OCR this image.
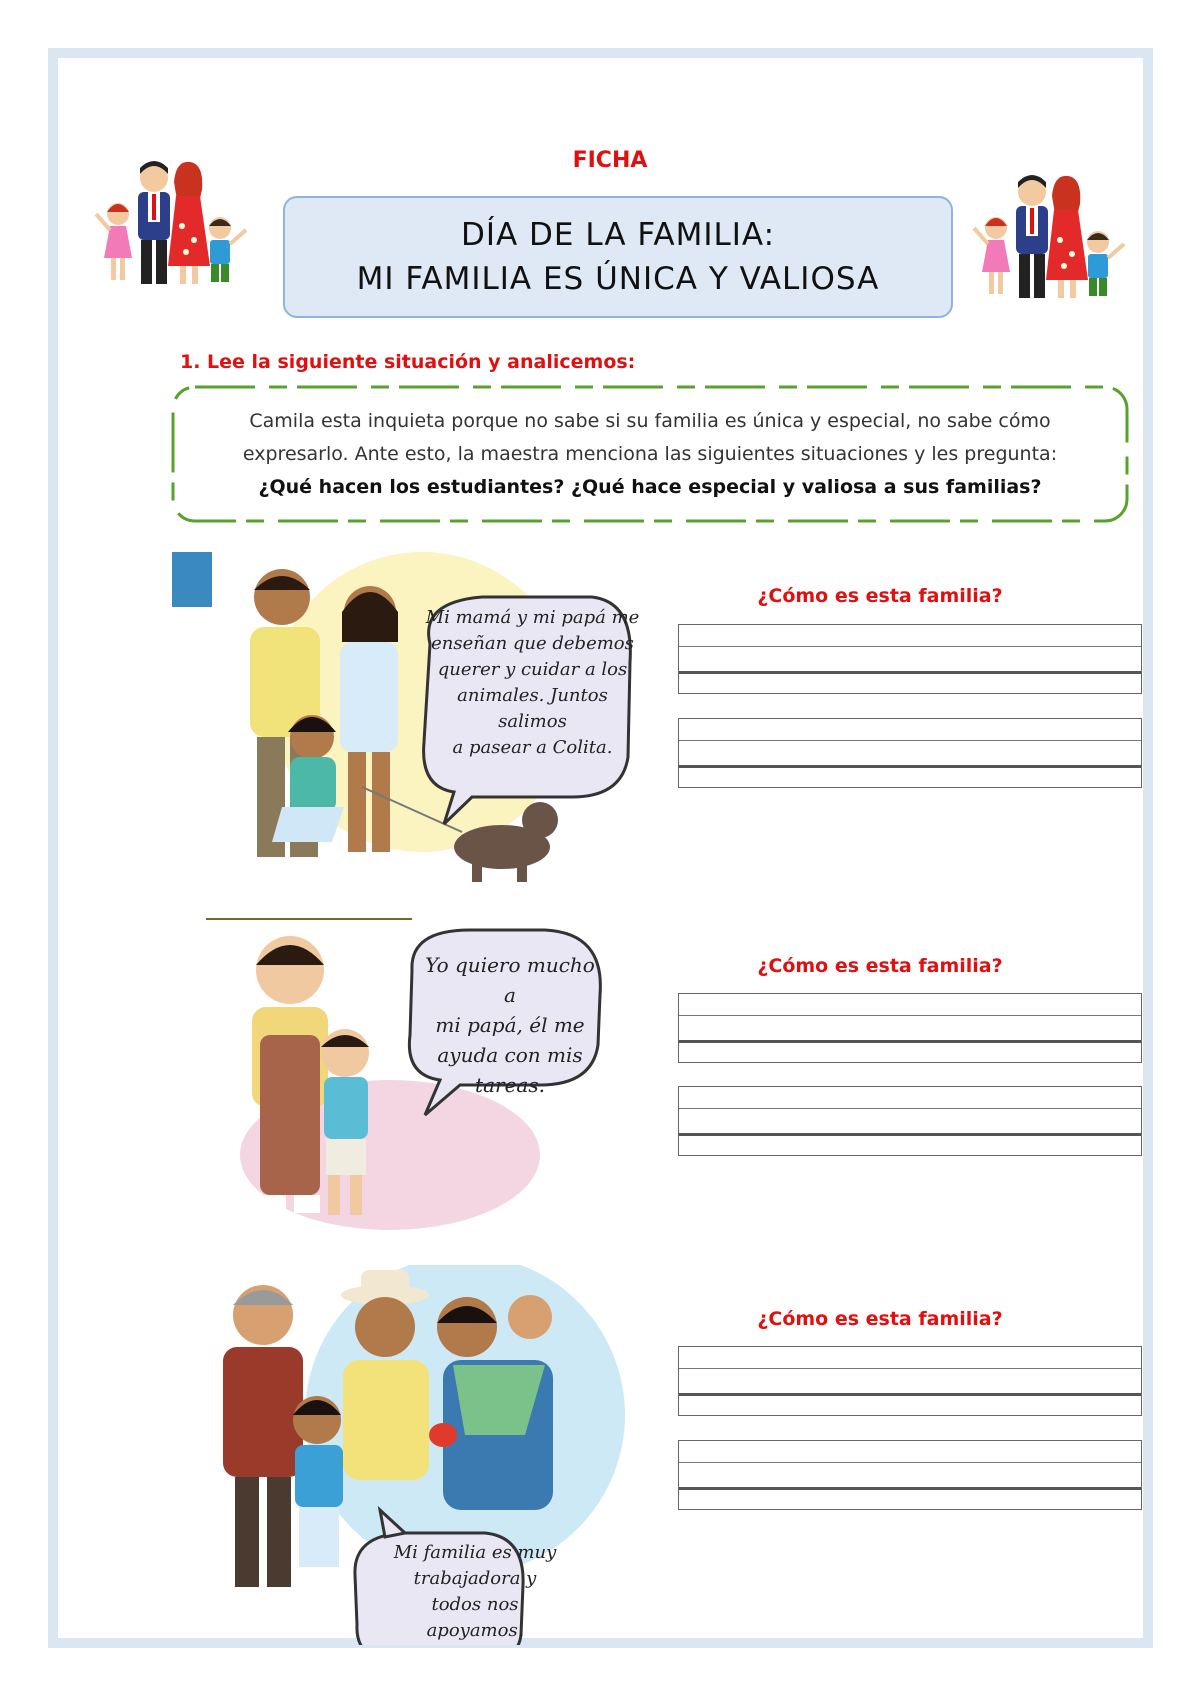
FICHA
DÍA DE LA FAMILIA:
MI FAMILIA ES ÚNICA Y VALIOSA
1. Lee la siguiente situación y analicemos:
Camila esta inquieta porque no sabe si su familia es única y especial, no sabe cómo
expresarlo. Ante esto, la maestra menciona las siguientes situaciones y les pregunta:
¿Qué hacen los estudiantes? ¿Qué hace especial y valiosa a sus familias?
Mi mamá y mi papá me
enseñan que debemos
querer y cuidar a los
animales. Juntos salimos
a pasear a Colita.
¿Cómo es esta familia?
Yo quiero mucho a
mi papá, él me
ayuda con mis
tareas.
¿Cómo es esta familia?
Mi familia es muy
trabajadora y
todos nos
apoyamos.
¿Cómo es esta familia?
